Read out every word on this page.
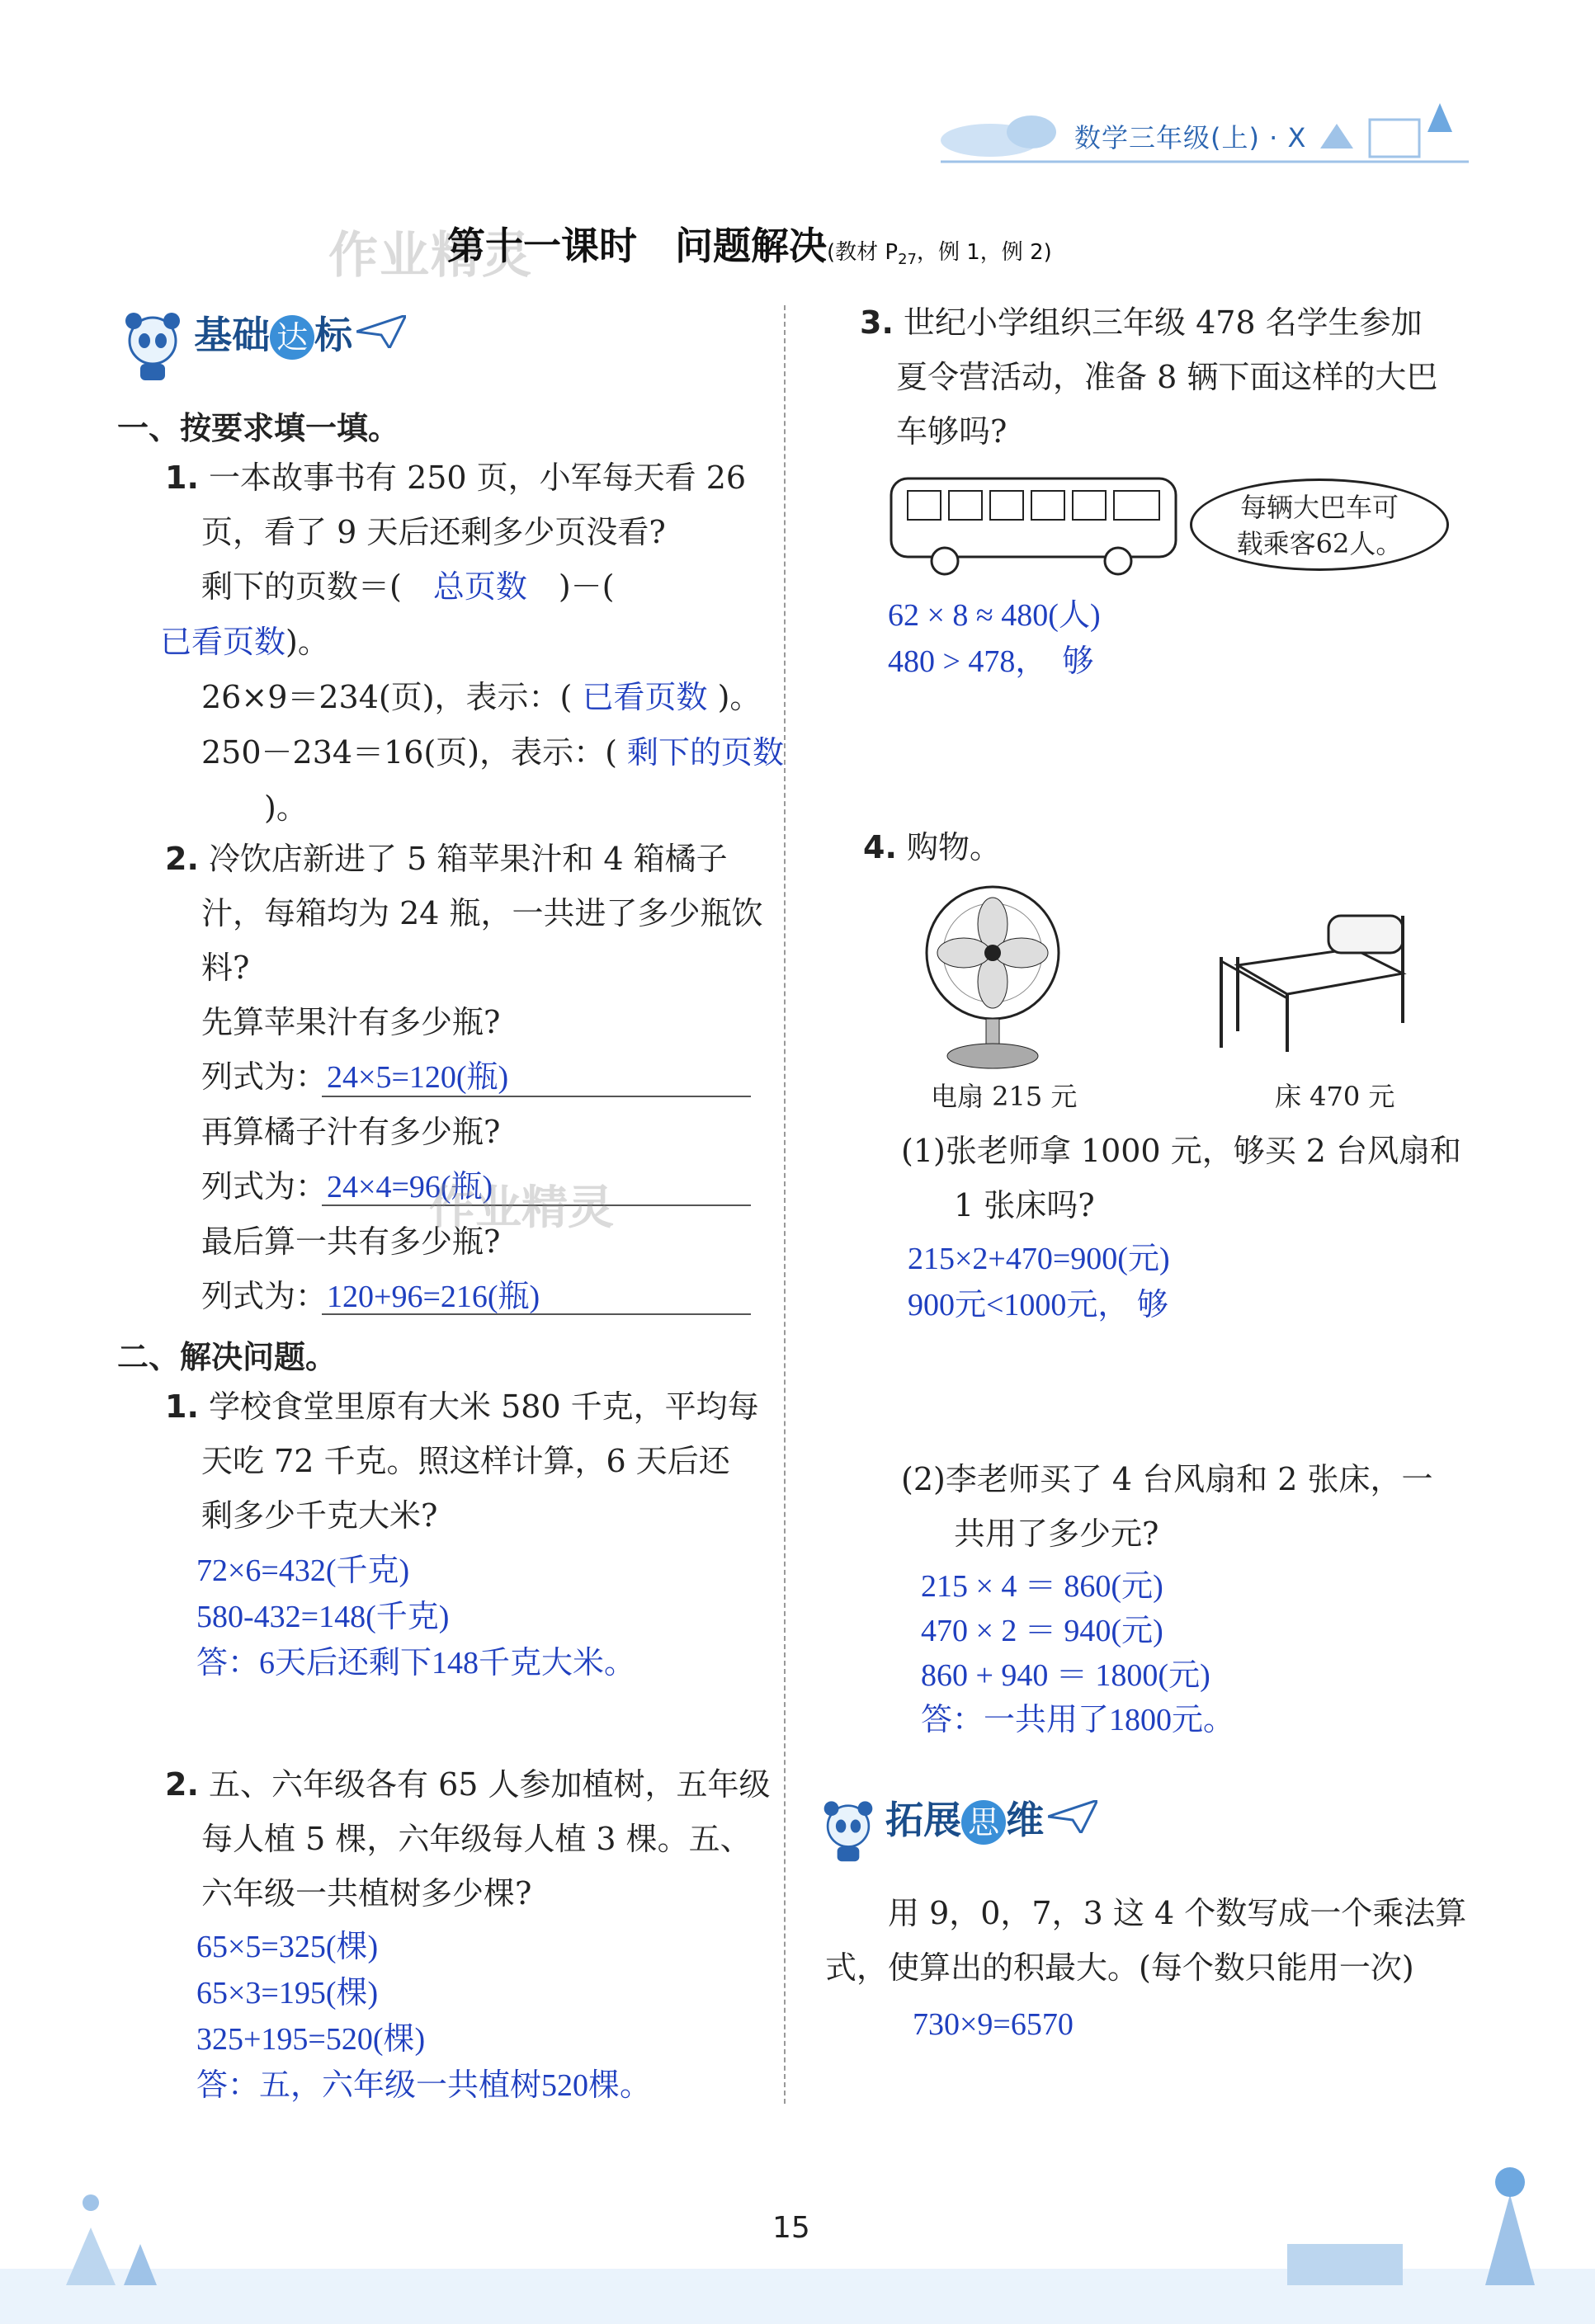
数学三年级(上) · X
作业精灵
第十一课时　问题解决(教材 $P_{27}$，例 1，例 2)
基础 达 标
一、按要求填一填。
1. 一本故事书有 250 页，小军每天看 26
页，看了 9 天后还剩多少页没看?
剩下的页数＝( 总页数 )－(
已看页数)。
26×9＝234(页)，表示：( 已看页数 )。
250－234＝16(页)，表示：( 剩下的页数
)。
2. 冷饮店新进了 5 箱苹果汁和 4 箱橘子
汁，每箱均为 24 瓶，一共进了多少瓶饮
料?
先算苹果汁有多少瓶?
列式为：24×5=120(瓶)
再算橘子汁有多少瓶?
列式为：24×4=96(瓶)
最后算一共有多少瓶?
列式为：120+96=216(瓶)
作业精灵
二、解决问题。
1. 学校食堂里原有大米 580 千克，平均每
天吃 72 千克。照这样计算，6 天后还
剩多少千克大米?
72×6=432(千克)
580-432=148(千克)
答：6天后还剩下148千克大米。
2. 五、六年级各有 65 人参加植树，五年级
每人植 5 棵，六年级每人植 3 棵。五、
六年级一共植树多少棵?
65×5=325(棵)
65×3=195(棵)
325+195=520(棵)
答：五，六年级一共植树520棵。
3. 世纪小学组织三年级 478 名学生参加
夏令营活动，准备 8 辆下面这样的大巴
车够吗?
每辆大巴车可
载乘客62人。
62 × 8 ≈ 480(人)
480 > 478，　够
4. 购物。
电扇 215 元	床 470 元
(1)张老师拿 1000 元，够买 2 台风扇和
1 张床吗?
215×2+470=900(元)
900元<1000元， 够
(2)李老师买了 4 台风扇和 2 张床，一
共用了多少元?
215 × 4 ＝ 860(元)
470 × 2 ＝ 940(元)
860 + 940 ＝ 1800(元)
答：一共用了1800元。
拓展 思 维
用 9，0，7，3 这 4 个数写成一个乘法算
式，使算出的积最大。(每个数只能用一次)
730×9=6570
15
